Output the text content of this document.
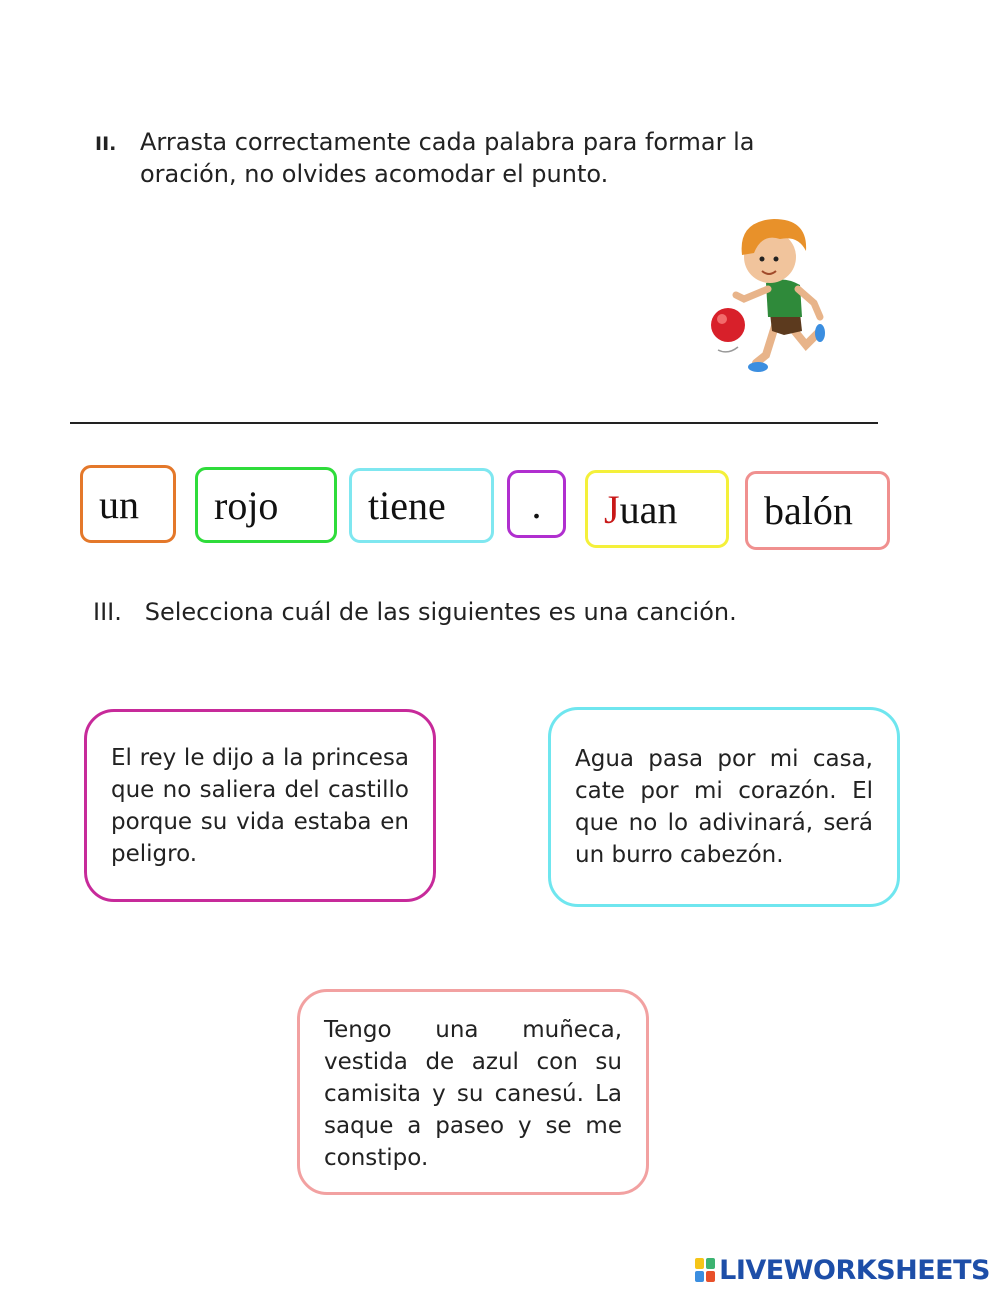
II. Arrasta correctamente cada palabra para formar la oración, no olvides acomodar el punto.
un rojo tiene . J uan balón
III.   Selecciona cuál de las siguientes es una canción.
El rey le dijo a la princesa que no saliera del castillo porque su vida estaba en peligro.
Agua pasa por mi casa, cate por mi corazón. El que no lo adivinará, será un burro cabezón.
Tengo una muñeca, vestida de azul con su camisita y su canesú. La saque a paseo y se me constipo.
LIVEWORKSHEETS
